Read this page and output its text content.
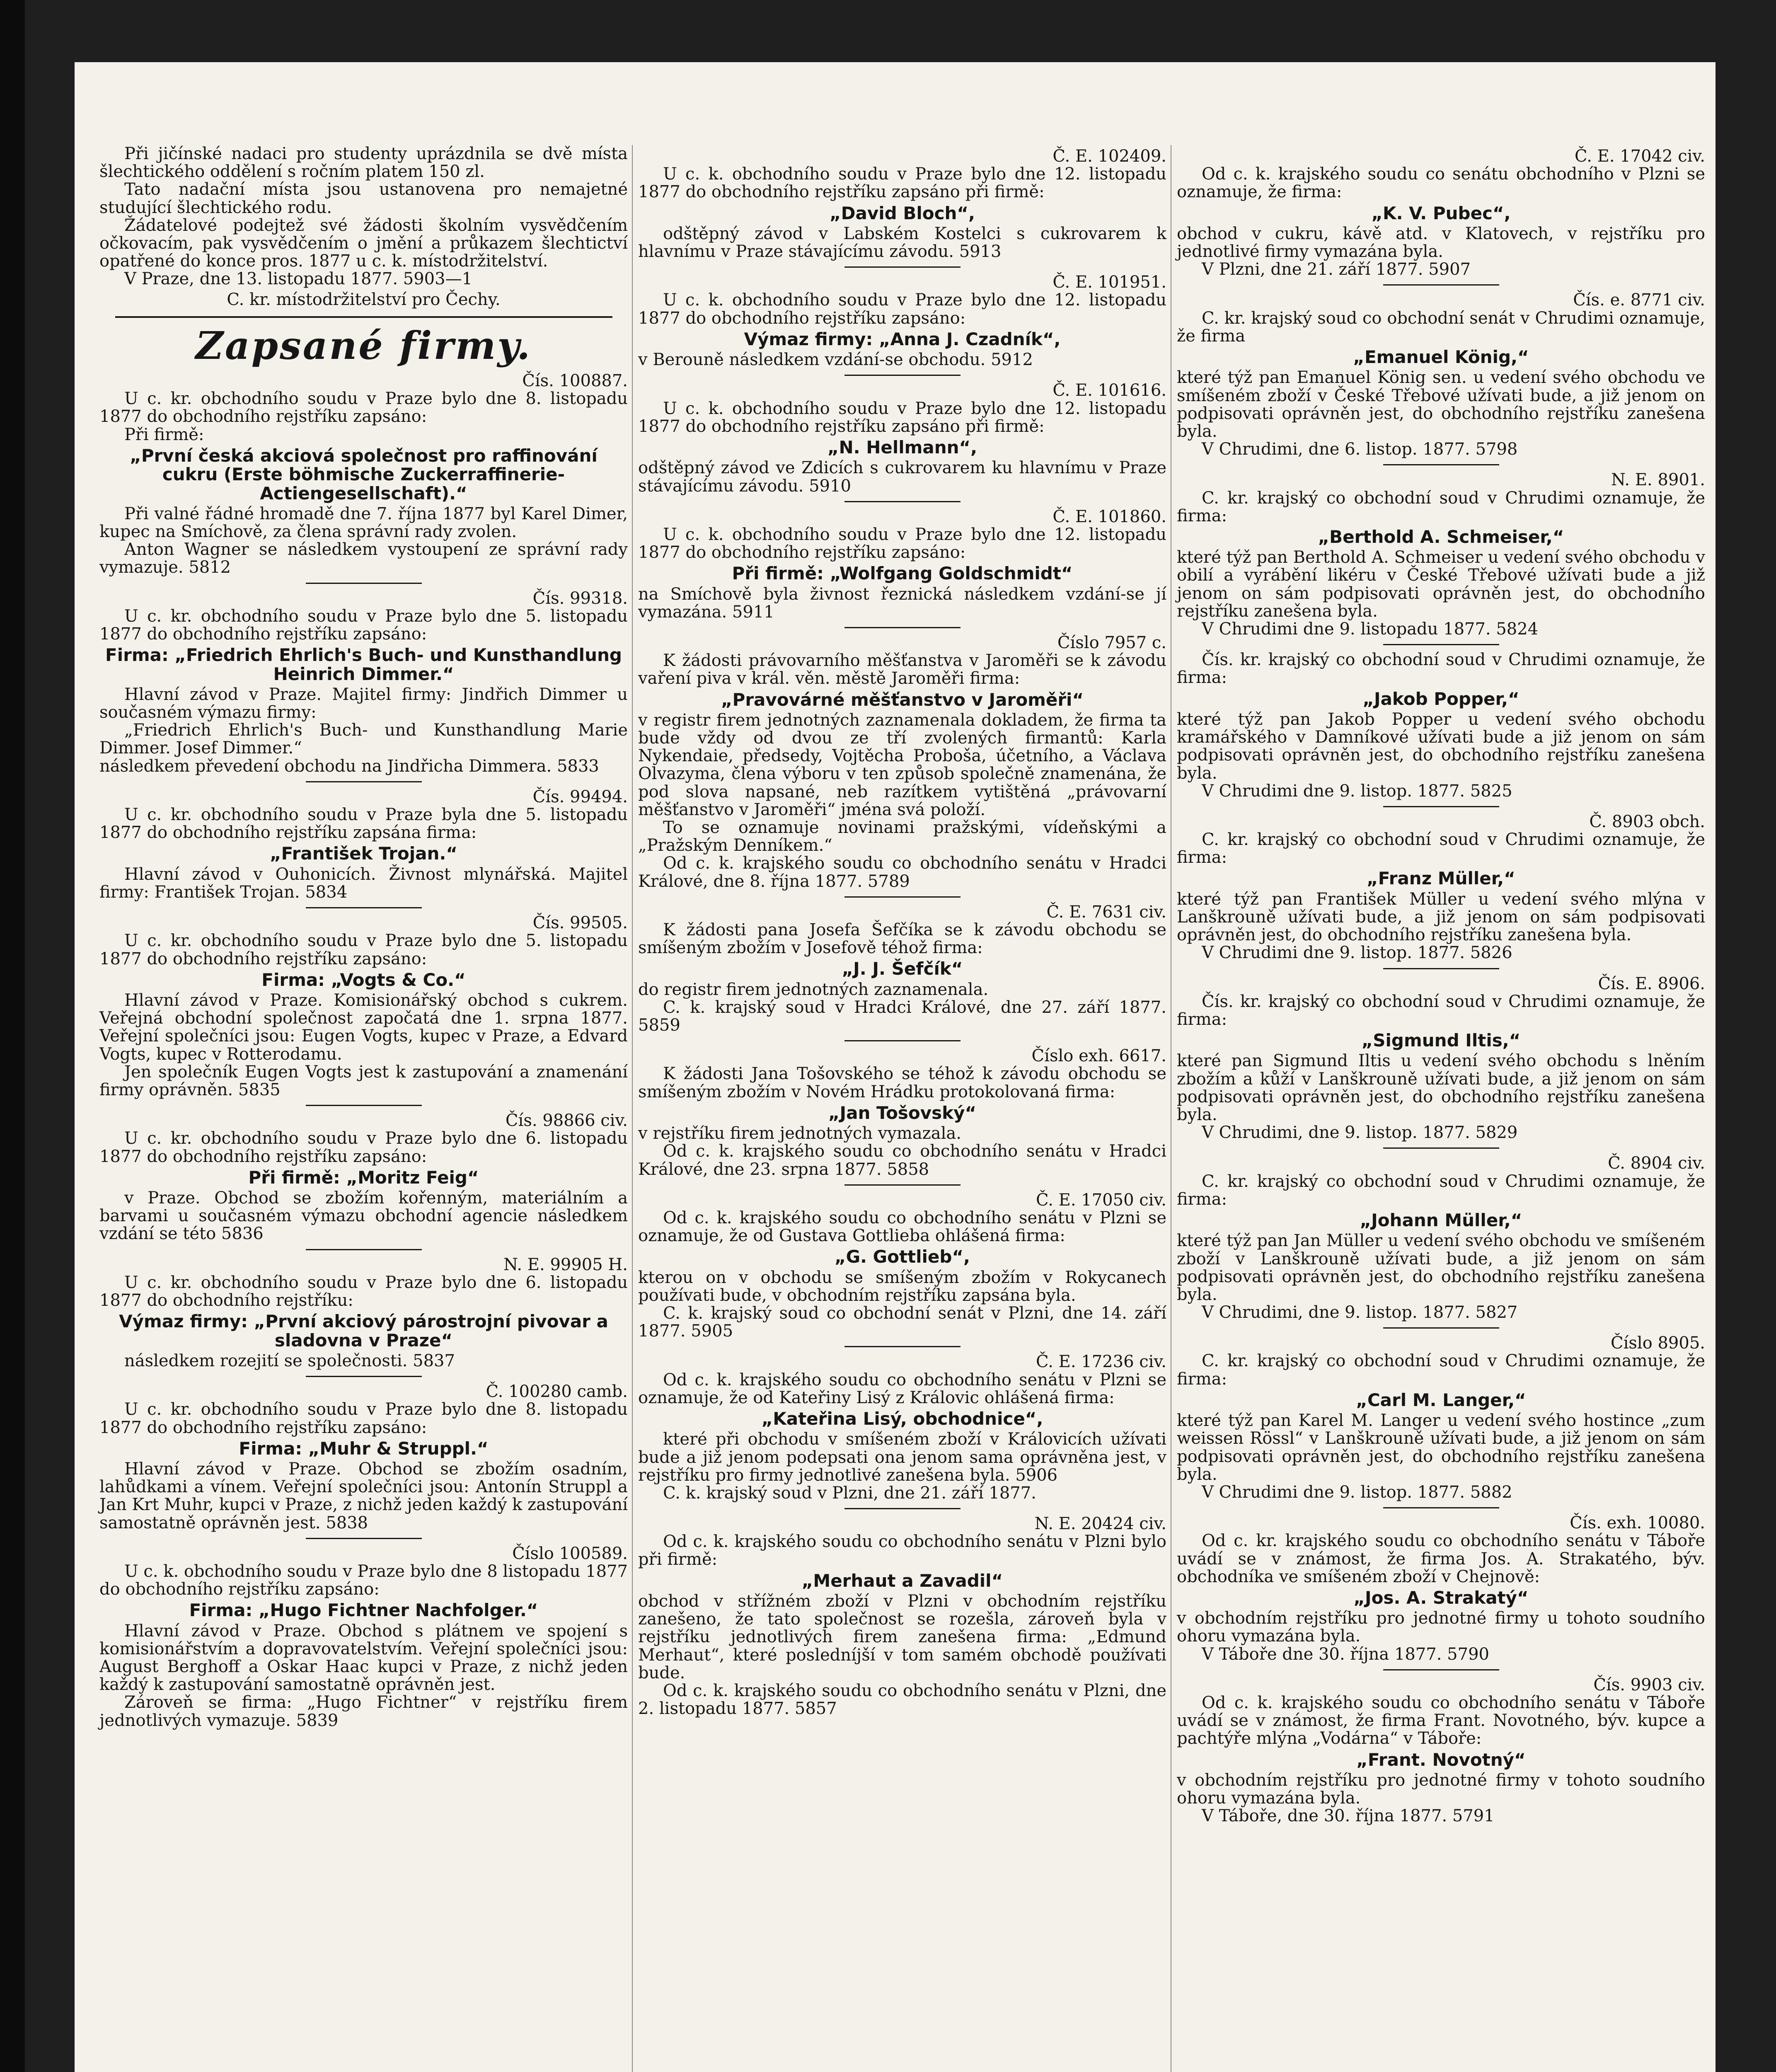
Při jičínské nadaci pro studenty uprázdnila se dvě místa šlechtického oddělení s ročním platem 150 zl.

Tato nadační místa jsou ustanovena pro nemajetné studující šlechtického rodu.

Žádatelové podejtež své žádosti školním vysvědčením očkovacím, pak vysvědčením o jmění a průkazem šlechtictví opatřené do konce pros. 1877 u c. k. místodržitelství.

V Praze, dne 13. listopadu 1877. 5903—1

C. kr. místodržitelství pro Čechy.

Zapsané firmy.

Čís. 100887.

U c. kr. obchodního soudu v Praze bylo dne 8. listopadu 1877 do obchodního rejstříku zapsáno:

Při firmě:

„První česká akciová společnost pro raffinování cukru (Erste böhmische Zuckerraffinerie-Actiengesellschaft).“

Při valné řádné hromadě dne 7. října 1877 byl Karel Dimer, kupec na Smíchově, za člena správní rady zvolen.

Anton Wagner se následkem vystoupení ze správní rady vymazuje. 5812

Čís. 99318.

U c. kr. obchodního soudu v Praze bylo dne 5. listopadu 1877 do obchodního rejstříku zapsáno:

Firma: „Friedrich Ehrlich's Buch- und Kunsthandlung Heinrich Dimmer.“

Hlavní závod v Praze. Majitel firmy: Jindřich Dimmer u současném výmazu firmy:

„Friedrich Ehrlich's Buch- und Kunsthandlung Marie Dimmer. Josef Dimmer.“

následkem převedení obchodu na Jindřicha Dimmera. 5833

Čís. 99494.

U c. kr. obchodního soudu v Praze byla dne 5. listopadu 1877 do obchodního rejstříku zapsána firma:

„František Trojan.“

Hlavní závod v Ouhonicích. Živnost mlynářská. Majitel firmy: František Trojan. 5834

Čís. 99505.

U c. kr. obchodního soudu v Praze bylo dne 5. listopadu 1877 do obchodního rejstříku zapsáno:

Firma: „Vogts & Co.“

Hlavní závod v Praze. Komisionářský obchod s cukrem. Veřejná obchodní společnost započatá dne 1. srpna 1877. Veřejní společníci jsou: Eugen Vogts, kupec v Praze, a Edvard Vogts, kupec v Rotterodamu.

Jen společník Eugen Vogts jest k zastupování a znamenání firmy oprávněn. 5835

Čís. 98866 civ.

U c. kr. obchodního soudu v Praze bylo dne 6. listopadu 1877 do obchodního rejstříku zapsáno:

Při firmě: „Moritz Feig“

v Praze. Obchod se zbožím kořenným, materiálním a barvami u současném výmazu obchodní agencie následkem vzdání se této 5836

N. E. 99905 H.

U c. kr. obchodního soudu v Praze bylo dne 6. listopadu 1877 do obchodního rejstříku:

Výmaz firmy: „První akciový párostrojní pivovar a sladovna v Praze“

následkem rozejití se společnosti. 5837

Č. 100280 camb.

U c. kr. obchodního soudu v Praze bylo dne 8. listopadu 1877 do obchodního rejstříku zapsáno:

Firma: „Muhr & Struppl.“

Hlavní závod v Praze. Obchod se zbožím osadním, lahůdkami a vínem. Veřejní společníci jsou: Antonín Struppl a Jan Krt Muhr, kupci v Praze, z nichž jeden každý k zastupování samostatně oprávněn jest. 5838

Číslo 100589.

U c. k. obchodního soudu v Praze bylo dne 8 listopadu 1877 do obchodního rejstříku zapsáno:

Firma: „Hugo Fichtner Nachfolger.“

Hlavní závod v Praze. Obchod s plátnem ve spojení s komisionářstvím a dopravovatelstvím. Veřejní společníci jsou: August Berghoff a Oskar Haac kupci v Praze, z nichž jeden každý k zastupování samostatně oprávněn jest.

Zároveň se firma: „Hugo Fichtner“ v rejstříku firem jednotlivých vymazuje. 5839

Č. E. 102409.

U c. k. obchodního soudu v Praze bylo dne 12. listopadu 1877 do obchodního rejstříku zapsáno při firmě:

„David Bloch“,

odštěpný závod v Labském Kostelci s cukrovarem k hlavnímu v Praze stávajícímu závodu. 5913

Č. E. 101951.

U c. k. obchodního soudu v Praze bylo dne 12. listopadu 1877 do obchodního rejstříku zapsáno:

Výmaz firmy: „Anna J. Czadník“,

v Berouně následkem vzdání-se obchodu. 5912

Č. E. 101616.

U c. k. obchodního soudu v Praze bylo dne 12. listopadu 1877 do obchodního rejstříku zapsáno při firmě:

„N. Hellmann“,

odštěpný závod ve Zdicích s cukrovarem ku hlavnímu v Praze stávajícímu závodu. 5910

Č. E. 101860.

U c. k. obchodního soudu v Praze bylo dne 12. listopadu 1877 do obchodního rejstříku zapsáno:

Při firmě: „Wolfgang Goldschmidt“

na Smíchově byla živnost řeznická následkem vzdání-se jí vymazána. 5911

Číslo 7957 c.

K žádosti právovarního měšťanstva v Jaroměři se k závodu vaření piva v král. věn. městě Jaroměři firma:

„Pravovárné měšťanstvo v Jaroměři“

v registr firem jednotných zaznamenala dokladem, že firma ta bude vždy od dvou ze tří zvolených firmantů: Karla Nykendaie, předsedy, Vojtěcha Proboša, účetního, a Václava Olvazyma, člena výboru v ten způsob společně znamenána, že pod slova napsané, neb razítkem vytištěná „právovarní měšťanstvo v Jaroměři“ jména svá položí.

To se oznamuje novinami pražskými, vídeňskými a „Pražským Denníkem.“

Od c. k. krajského soudu co obchodního senátu v Hradci Králové, dne 8. října 1877. 5789

Č. E. 7631 civ.

K žádosti pana Josefa Šefčíka se k závodu obchodu se smíšeným zbožím v Josefově téhož firma:

„J. J. Šefčík“

do registr firem jednotných zaznamenala.

C. k. krajský soud v Hradci Králové, dne 27. září 1877. 5859

Číslo exh. 6617.

K žádosti Jana Tošovského se téhož k závodu obchodu se smíšeným zbožím v Novém Hrádku protokolovaná firma:

„Jan Tošovský“

v rejstříku firem jednotných vymazala.

Od c. k. krajského soudu co obchodního senátu v Hradci Králové, dne 23. srpna 1877. 5858

Č. E. 17050 civ.

Od c. k. krajského soudu co obchodního senátu v Plzni se oznamuje, že od Gustava Gottlieba ohlášená firma:

„G. Gottlieb“,

kterou on v obchodu se smíšeným zbožím v Rokycanech používati bude, v obchodním rejstříku zapsána byla.

C. k. krajský soud co obchodní senát v Plzni, dne 14. září 1877. 5905

Č. E. 17236 civ.

Od c. k. krajského soudu co obchodního senátu v Plzni se oznamuje, že od Kateřiny Lisý z Královic ohlášená firma:

„Kateřina Lisý, obchodnice“,

které při obchodu v smíšeném zboží v Královicích užívati bude a již jenom podepsati ona jenom sama oprávněna jest, v rejstříku pro firmy jednotlivé zanešena byla. 5906

C. k. krajský soud v Plzni, dne 21. září 1877.

N. E. 20424 civ.

Od c. k. krajského soudu co obchodního senátu v Plzni bylo při firmě:

„Merhaut a Zavadil“

obchod v střížném zboží v Plzni v obchodním rejstříku zanešeno, že tato společnost se rozešla, zároveň byla v rejstříku jednotlivých firem zanešena firma: „Edmund Merhaut“, které posledníjší v tom samém obchodě používati bude.

Od c. k. krajského soudu co obchodního senátu v Plzni, dne 2. listopadu 1877. 5857

Č. E. 17042 civ.

Od c. k. krajského soudu co senátu obchodního v Plzni se oznamuje, že firma:

„K. V. Pubec“,

obchod v cukru, kávě atd. v Klatovech, v rejstříku pro jednotlivé firmy vymazána byla.

V Plzni, dne 21. září 1877. 5907

Čís. e. 8771 civ.

C. kr. krajský soud co obchodní senát v Chrudimi oznamuje, že firma

„Emanuel König,“

které týž pan Emanuel König sen. u vedení svého obchodu ve smíšeném zboží v České Třebové užívati bude, a již jenom on podpisovati oprávněn jest, do obchodního rejstříku zanešena byla.

V Chrudimi, dne 6. listop. 1877. 5798

N. E. 8901.

C. kr. krajský co obchodní soud v Chrudimi oznamuje, že firma:

„Berthold A. Schmeiser,“

které týž pan Berthold A. Schmeiser u vedení svého obchodu v obilí a vyrábění likéru v České Třebové užívati bude a již jenom on sám podpisovati oprávněn jest, do obchodního rejstříku zanešena byla.

V Chrudimi dne 9. listopadu 1877. 5824

Čís. kr. krajský co obchodní soud v Chrudimi oznamuje, že firma:

„Jakob Popper,“

které týž pan Jakob Popper u vedení svého obchodu kramářského v Damníkové užívati bude a již jenom on sám podpisovati oprávněn jest, do obchodního rejstříku zanešena byla.

V Chrudimi dne 9. listop. 1877. 5825

Č. 8903 obch.

C. kr. krajský co obchodní soud v Chrudimi oznamuje, že firma:

„Franz Müller,“

které týž pan František Müller u vedení svého mlýna v Lanškrouně užívati bude, a již jenom on sám podpisovati oprávněn jest, do obchodního rejstříku zanešena byla.

V Chrudimi dne 9. listop. 1877. 5826

Čís. E. 8906.

Čís. kr. krajský co obchodní soud v Chrudimi oznamuje, že firma:

„Sigmund Iltis,“

které pan Sigmund Iltis u vedení svého obchodu s lněním zbožím a kůží v Lanškrouně užívati bude, a již jenom on sám podpisovati oprávněn jest, do obchodního rejstříku zanešena byla.

V Chrudimi, dne 9. listop. 1877. 5829

Č. 8904 civ.

C. kr. krajský co obchodní soud v Chrudimi oznamuje, že firma:

„Johann Müller,“

které týž pan Jan Müller u vedení svého obchodu ve smíšeném zboží v Lanškrouně užívati bude, a již jenom on sám podpisovati oprávněn jest, do obchodního rejstříku zanešena byla.

V Chrudimi, dne 9. listop. 1877. 5827

Číslo 8905.

C. kr. krajský co obchodní soud v Chrudimi oznamuje, že firma:

„Carl M. Langer,“

které týž pan Karel M. Langer u vedení svého hostince „zum weissen Rössl“ v Lanškrouně užívati bude, a již jenom on sám podpisovati oprávněn jest, do obchodního rejstříku zanešena byla.

V Chrudimi dne 9. listop. 1877. 5882

Čís. exh. 10080.

Od c. kr. krajského soudu co obchodního senátu v Táboře uvádí se v známost, že firma Jos. A. Strakatého, býv. obchodníka ve smíšeném zboží v Chejnově:

„Jos. A. Strakatý“

v obchodním rejstříku pro jednotné firmy u tohoto soudního ohoru vymazána byla.

V Táboře dne 30. října 1877. 5790

Čís. 9903 civ.

Od c. k. krajského soudu co obchodního senátu v Táboře uvádí se v známost, že firma Frant. Novotného, býv. kupce a pachtýře mlýna „Vodárna“ v Táboře:

„Frant. Novotný“

v obchodním rejstříku pro jednotné firmy v tohoto soudního ohoru vymazána byla.

V Táboře, dne 30. října 1877. 5791
